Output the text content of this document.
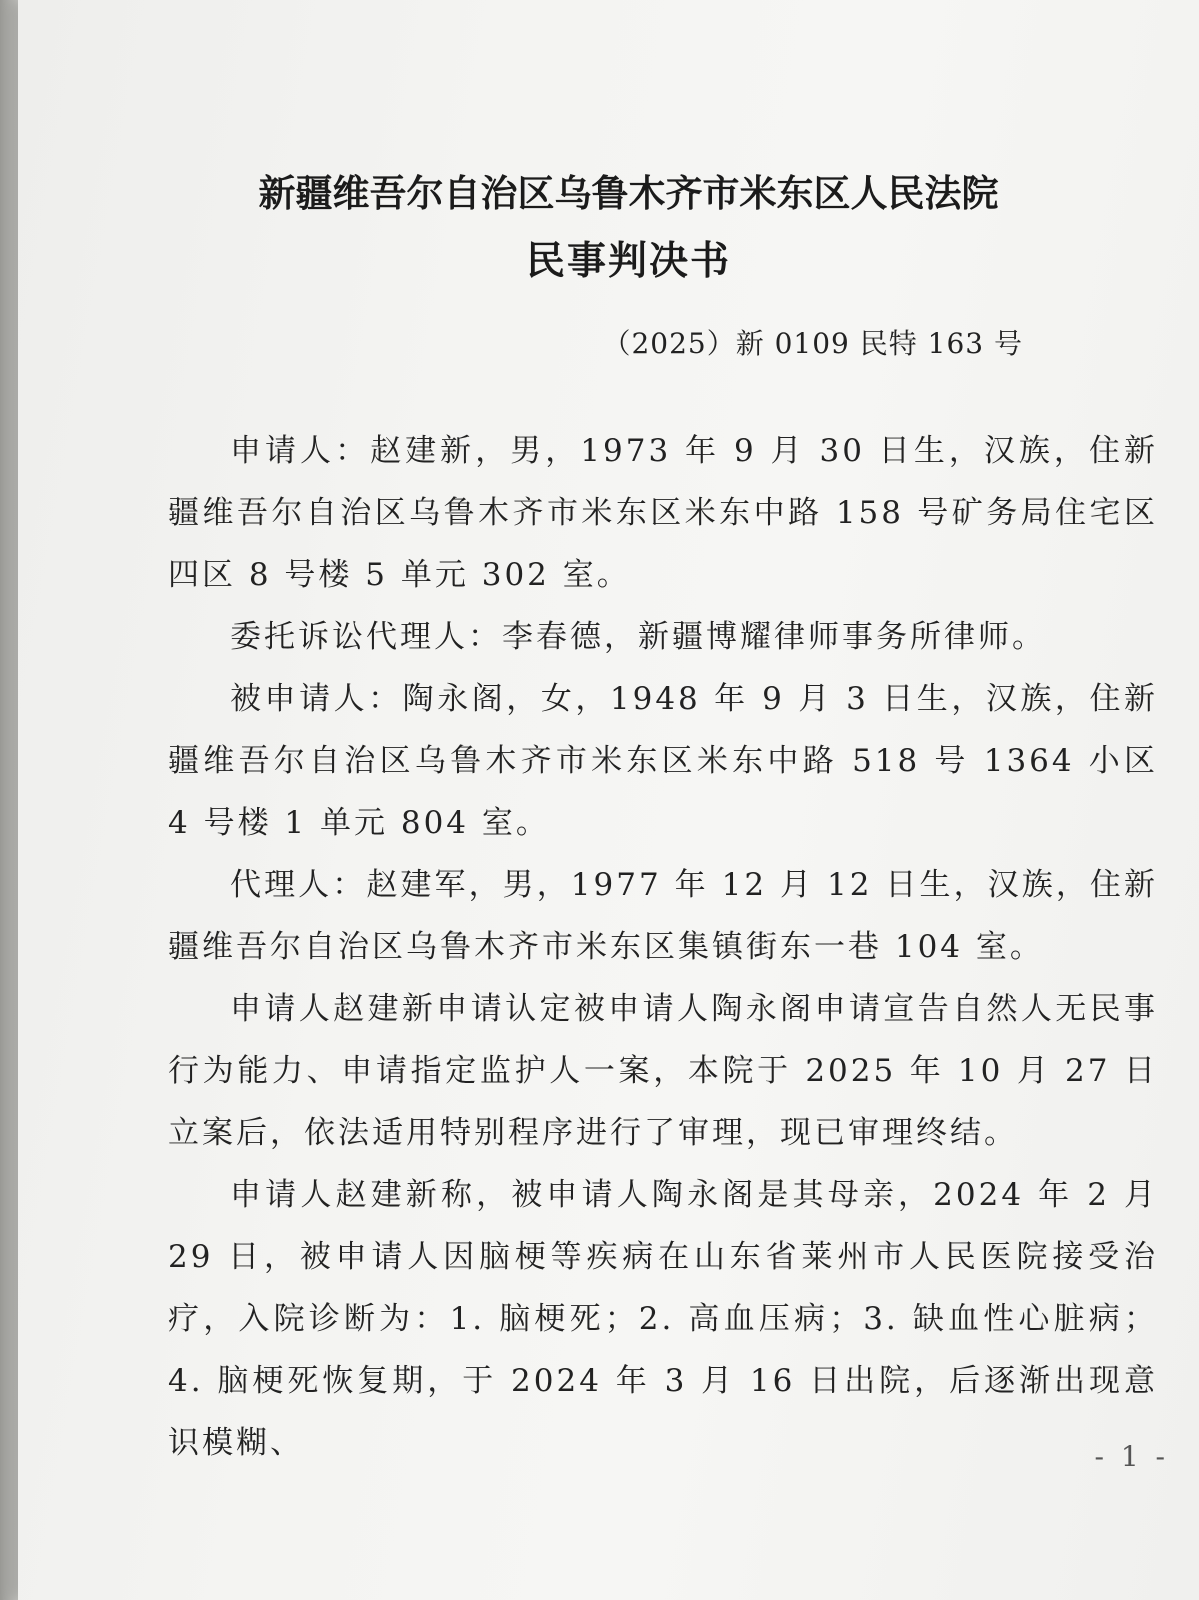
新疆维吾尔自治区乌鲁木齐市米东区人民法院
民事判决书
（2025）新 0109 民特 163 号

申请人：赵建新，男，1973 年 9 月 30 日生，汉族，住新疆维吾尔自治区乌鲁木齐市米东区米东中路 158 号矿务局住宅区四区 8 号楼 5 单元 302 室。

委托诉讼代理人：李春德，新疆博耀律师事务所律师。

被申请人：陶永阁，女，1948 年 9 月 3 日生，汉族，住新疆维吾尔自治区乌鲁木齐市米东区米东中路 518 号 1364 小区 4 号楼 1 单元 804 室。

代理人：赵建军，男，1977 年 12 月 12 日生，汉族，住新疆维吾尔自治区乌鲁木齐市米东区集镇街东一巷 104 室。

申请人赵建新申请认定被申请人陶永阁申请宣告自然人无民事行为能力、申请指定监护人一案，本院于 2025 年 10 月 27 日立案后，依法适用特别程序进行了审理，现已审理终结。

申请人赵建新称，被申请人陶永阁是其母亲，2024 年 2 月 29 日，被申请人因脑梗等疾病在山东省莱州市人民医院接受治疗，入院诊断为：1. 脑梗死；2. 高血压病；3. 缺血性心脏病；4. 脑梗死恢复期，于 2024 年 3 月 16 日出院，后逐渐出现意识模糊、	- 1 -
